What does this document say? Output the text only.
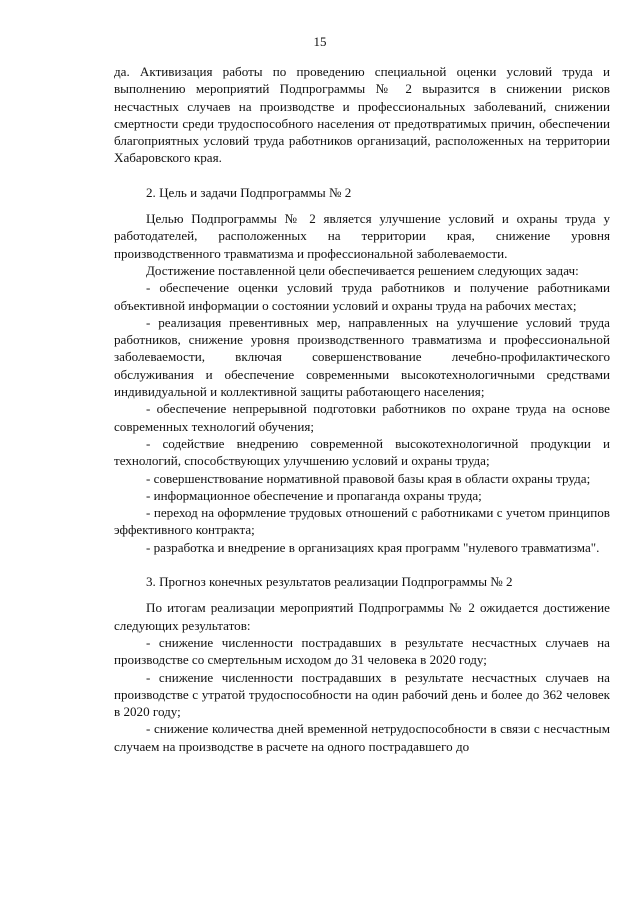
15

да. Активизация работы по проведению специальной оценки условий труда и выполнению мероприятий Подпрограммы № 2 выразится в снижении рисков несчастных случаев на производстве и профессиональных заболеваний, снижении смертности среди трудоспособного населения от предотвратимых причин, обеспечении благоприятных условий труда работников организаций, расположенных на территории Хабаровского края.

2. Цель и задачи Подпрограммы № 2

Целью Подпрограммы № 2 является улучшение условий и охраны труда у работодателей, расположенных на территории края, снижение уровня производственного травматизма и профессиональной заболеваемости.

Достижение поставленной цели обеспечивается решением следующих задач:

- обеспечение оценки условий труда работников и получение работниками объективной информации о состоянии условий и охраны труда на рабочих местах;

- реализация превентивных мер, направленных на улучшение условий труда работников, снижение уровня производственного травматизма и профессиональной заболеваемости, включая совершенствование лечебно-профилактического обслуживания и обеспечение современными высокотехнологичными средствами индивидуальной и коллективной защиты работающего населения;

- обеспечение непрерывной подготовки работников по охране труда на основе современных технологий обучения;

- содействие внедрению современной высокотехнологичной продукции и технологий, способствующих улучшению условий и охраны труда;

- совершенствование нормативной правовой базы края в области охраны труда;

- информационное обеспечение и пропаганда охраны труда;

- переход на оформление трудовых отношений с работниками с учетом принципов эффективного контракта;

- разработка и внедрение в организациях края программ "нулевого травматизма".

3. Прогноз конечных результатов реализации Подпрограммы № 2

По итогам реализации мероприятий Подпрограммы № 2 ожидается достижение следующих результатов:

- снижение численности пострадавших в результате несчастных случаев на производстве со смертельным исходом до 31 человека в 2020 году;

- снижение численности пострадавших в результате несчастных случаев на производстве с утратой трудоспособности на один рабочий день и более до 362 человек в 2020 году;

- снижение количества дней временной нетрудоспособности в связи с несчастным случаем на производстве в расчете на одного пострадавшего до
